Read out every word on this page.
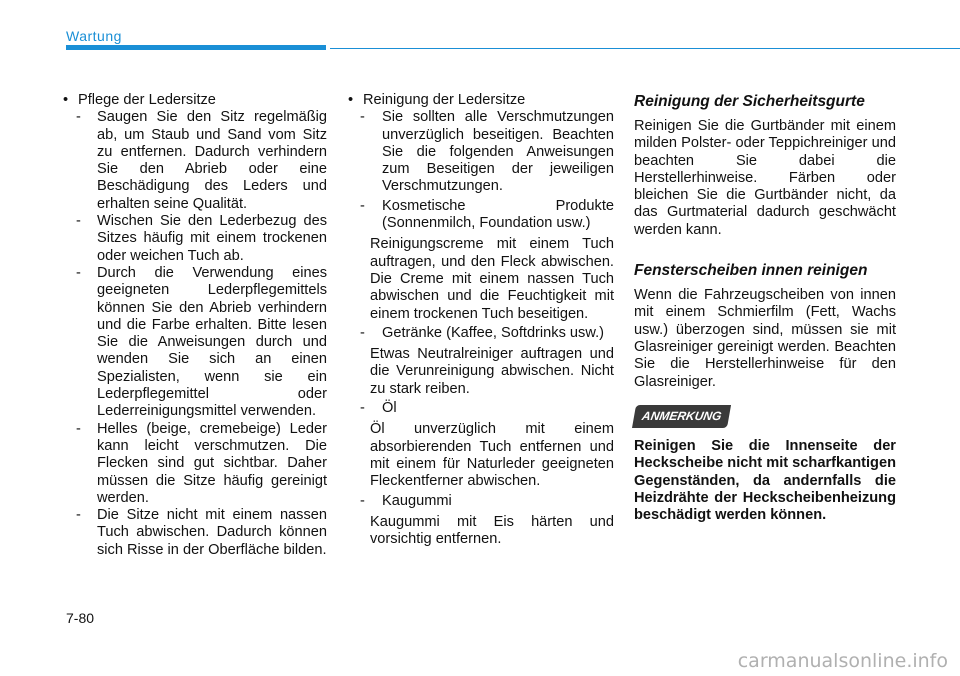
Wartung
• Pflege der Ledersitze
-	Saugen Sie den Sitz regelmäßig ab, um Staub und Sand vom Sitz zu entfernen. Dadurch verhindern Sie den Abrieb oder eine Beschädigung des Leders und erhalten seine Qualität.
-	Wischen Sie den Lederbezug des Sitzes häufig mit einem trockenen oder weichen Tuch ab.
-	Durch die Verwendung eines geeigneten Lederpflegemittels können Sie den Abrieb verhindern und die Farbe erhalten. Bitte lesen Sie die Anweisungen durch und wenden Sie sich an einen Spezialisten, wenn sie ein Lederpflegemittel oder Lederreinigungsmittel verwenden.
-	Helles (beige, cremebeige) Leder kann leicht verschmutzen. Die Flecken sind gut sichtbar. Daher müssen die Sitze häufig gereinigt werden.
-	Die Sitze nicht mit einem nassen Tuch abwischen. Dadurch können sich Risse in der Oberfläche bilden.
• Reinigung der Ledersitze
-	Sie sollten alle Verschmutzungen unverzüglich beseitigen. Beachten Sie die folgenden Anweisungen zum Beseitigen der jeweiligen Verschmutzungen.
-	Kosmetische Produkte (Sonnenmilch, Foundation usw.)
Reinigungscreme mit einem Tuch auftragen, und den Fleck abwischen. Die Creme mit einem nassen Tuch abwischen und die Feuchtigkeit mit einem trockenen Tuch beseitigen.
-	Getränke (Kaffee, Softdrinks usw.)
Etwas Neutralreiniger auftragen und die Verunreinigung abwischen. Nicht zu stark reiben.
-	Öl
Öl unverzüglich mit einem absorbierenden Tuch entfernen und mit einem für Naturleder geeigneten Fleckentferner abwischen.
-	Kaugummi
Kaugummi mit Eis härten und vorsichtig entfernen.
Reinigung der Sicherheitsgurte

Reinigen Sie die Gurtbänder mit einem milden Polster- oder Teppichreiniger und beachten Sie dabei die Herstellerhinweise. Färben oder bleichen Sie die Gurtbänder nicht, da das Gurtmaterial dadurch geschwächt werden kann.

Fensterscheiben innen reinigen

Wenn die Fahrzeugscheiben von innen mit einem Schmierfilm (Fett, Wachs usw.) überzogen sind, müssen sie mit Glasreiniger gereinigt werden. Beachten Sie die Herstellerhinweise für den Glasreiniger.

ANMERKUNG
Reinigen Sie die Innenseite der Heckscheibe nicht mit scharfkantigen Gegenständen, da andernfalls die Heizdrähte der Heckscheibenheizung beschädigt werden können.
7-80
carmanualsonline.info
